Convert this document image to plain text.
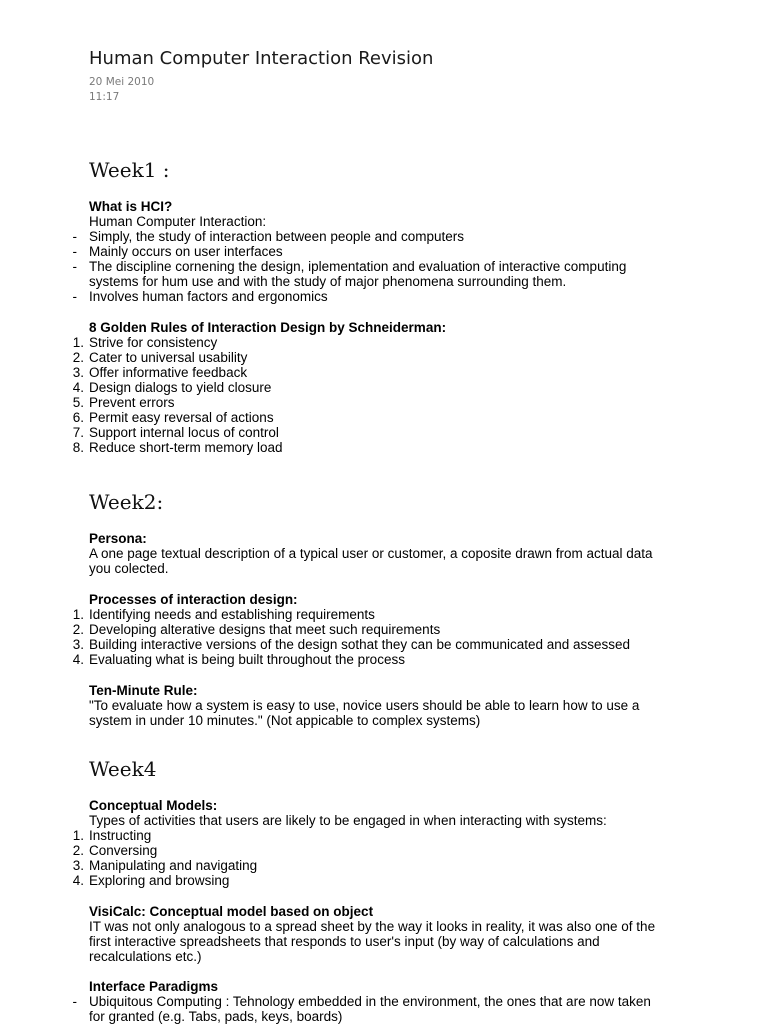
Human Computer Interaction Revision
20 Mei 2010
11:17
Week1 :
What is HCI?
Human Computer Interaction:
- Simply, the study of interaction between people and computers
- Mainly occurs on user interfaces
- The discipline cornening the design, iplementation and evaluation of interactive computing
systems for hum use and with the study of major phenomena surrounding them.
- Involves human factors and ergonomics
8 Golden Rules of Interaction Design by Schneiderman:
1. Strive for consistency
2. Cater to universal usability
3. Offer informative feedback
4. Design dialogs to yield closure
5. Prevent errors
6. Permit easy reversal of actions
7. Support internal locus of control
8. Reduce short-term memory load
Week2:
Persona:
A one page textual description of a typical user or customer, a coposite drawn from actual data
you colected.
Processes of interaction design:
1. Identifying needs and establishing requirements
2. Developing alterative designs that meet such requirements
3. Building interactive versions of the design sothat they can be communicated and assessed
4. Evaluating what is being built throughout the process
Ten-Minute Rule:
"To evaluate how a system is easy to use, novice users should be able to learn how to use a
system in under 10 minutes." (Not appicable to complex systems)
Week4
Conceptual Models:
Types of activities that users are likely to be engaged in when interacting with systems:
1. Instructing
2. Conversing
3. Manipulating and navigating
4. Exploring and browsing
VisiCalc: Conceptual model based on object
IT was not only analogous to a spread sheet by the way it looks in reality, it was also one of the
first interactive spreadsheets that responds to user's input (by way of calculations and
recalculations etc.)
Interface Paradigms
- Ubiquitous Computing : Tehnology embedded in the environment, the ones that are now taken
for granted (e.g. Tabs, pads, keys, boards)
